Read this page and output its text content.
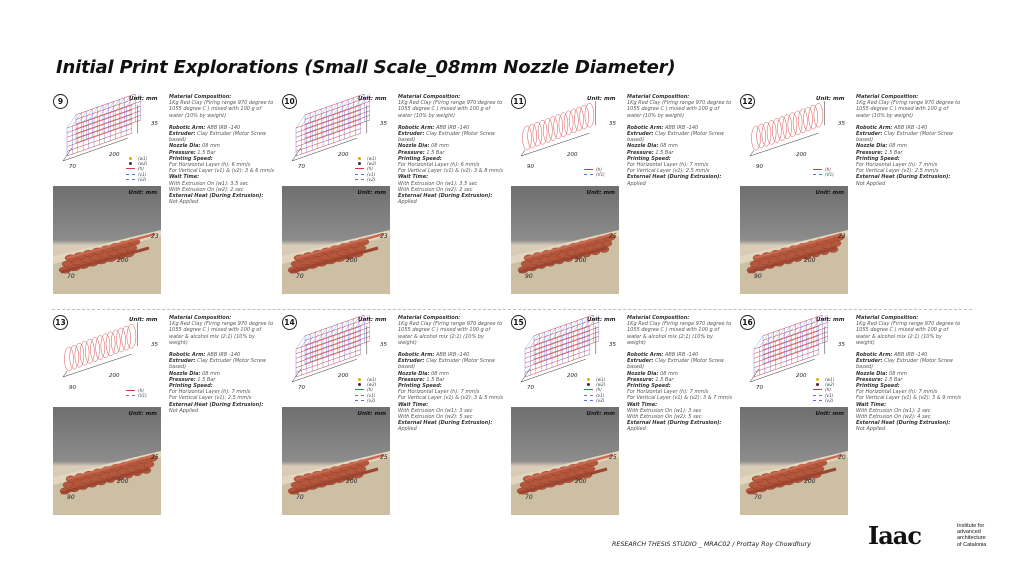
Initial Print Explorations (Small Scale_08mm Nozzle Diameter)
70
200
35
9	Unit: mm
(w1)
(w2)
(h)
(v1)
(v2)
70
200
23
Unit: mm
Material Composition:
1Kg Red Clay (Firing range 970 degree to 1055 degree C ) mixed with 100 g of water (10% by weight)
Robotic Arm: ABB IRB -140
Extruder: Clay Extruder (Motor Screw based)
Nozzle Dia: 08 mm
Pressure: 1.5 Bar
Printing Speed:
For Horizontal Layer (h): 6 mm/s
For Vertical Layer (v1) & (v2): 3 & 6 mm/s
Wait Time:
With Extrusion On (w1): 3.5 sec
With Extrusion On (w2): 2 sec
External Heat (During Extrusion):
Not Applied
70
200
35
10	Unit: mm
(w1)
(w2)
(h)
(v1)
(v2)
70
200
23
Unit: mm
Material Composition:
1Kg Red Clay (Firing range 970 degree to 1055 degree C ) mixed with 100 g of water (10% by weight)
Robotic Arm: ABB IRB -140
Extruder: Clay Extruder (Motor Screw based)
Nozzle Dia: 08 mm
Pressure: 1.5 Bar
Printing Speed:
For Horizontal Layer (h): 6 mm/s
For Vertical Layer (v1) & (v2): 3 & 8 mm/s
Wait Time:
With Extrusion On (w1): 3.5 sec
With Extrusion On (w2): 2 sec
External Heat (During Extrusion):
Applied
90
200
35
11	Unit: mm
(h)
(V1)
90
200
25
Unit: mm
Material Composition:
1Kg Red Clay (Firing range 970 degree to 1055 degree C ) mixed with 100 g of water (10% by weight)
Robotic Arm: ABB IRB -140
Extruder: Clay Extruder (Motor Screw based)
Nozzle Dia: 08 mm
Pressure: 1.5 Bar
Printing Speed:
For Horizontal Layer (h): 7 mm/s
For Vertical Layer (v1): 2.5 mm/s
External Heat (During Extrusion):
Applied
90
200
35
12	Unit: mm
(h)
(V1)
90
200
23
Unit: mm
Material Composition:
1Kg Red Clay (Firing range 970 degree to 1055 degree C ) mixed with 100 g of water (10% by weight)
Robotic Arm: ABB IRB -140
Extruder: Clay Extruder (Motor Screw based)
Nozzle Dia: 08 mm
Pressure: 1.5 Bar
Printing Speed:
For Horizontal Layer (h): 7 mm/s
For Vertical Layer (v1): 2.5 mm/s
External Heat (During Extrusion):
Not Applied
90
200
35
13	Unit: mm
(h)
(V1)
90
200
25
Unit: mm
Material Composition:
1Kg Red Clay (Firing range 970 degree to 1055 degree C ) mixed with 100 g of water & alcohol mix (2:1) (10% by weight)
Robotic Arm: ABB IRB -140
Extruder: Clay Extruder (Motor Screw based)
Nozzle Dia: 08 mm
Pressure: 1.5 Bar
Printing Speed:
For Horizontal Layer (h): 7 mm/s
For Vertical Layer (v1): 2.5 mm/s
External Heat (During Extrusion):
Not Applied
70
200
35
14	Unit: mm
(w1)
(w2)
(h)
(v1)
(v2)
70
200
25
Unit: mm
Material Composition:
1Kg Red Clay (Firing range 970 degree to 1055 degree C ) mixed with 100 g of water & alcohol mix (2:1) (10% by weight)
Robotic Arm: ABB IRB -140
Extruder: Clay Extruder (Motor Screw based)
Nozzle Dia: 08 mm
Pressure: 1.5 Bar
Printing Speed:
For Horizontal Layer (h): 7 mm/s
For Vertical Layer (v1) & (v2): 3 & 5 mm/s
Wait Time:
With Extrusion On (w1): 3 sec
With Extrusion On (w2): 5 sec
External Heat (During Extrusion):
Applied
70
200
35
15	Unit: mm
(w1)
(w2)
(h)
(v1)
(v2)
70
200
25
Unit: mm
Material Composition:
1Kg Red Clay (Firing range 970 degree to 1055 degree C ) mixed with 100 g of water & alcohol mix (2:1) (10% by weight)
Robotic Arm: ABB IRB -140
Extruder: Clay Extruder (Motor Screw based)
Nozzle Dia: 08 mm
Pressure: 1.5 Bar
Printing Speed:
For Horizontal Layer (h): 7 mm/s
For Vertical Layer (v1) & (v2): 3 & 7 mm/s
Wait Time:
With Extrusion On (w1): 3 sec
With Extrusion On (w2): 5 sec
External Heat (During Extrusion):
Applied
70
200
35
16	Unit: mm
(w1)
(w2)
(h)
(v1)
(v2)
70
200
20
Unit: mm
Material Composition:
1Kg Red Clay (Firing range 970 degree to 1055 degree C ) mixed with 100 g of water & alcohol mix (2:1) (10% by weight)
Robotic Arm: ABB IRB -140
Extruder: Clay Extruder (Motor Screw based)
Nozzle Dia: 08 mm
Pressure: 1.5 Bar
Printing Speed:
For Horizontal Layer (h): 7 mm/s
For Vertical Layer (v1) & (v2): 3 & 9 mm/s
Wait Time:
With Extrusion On (w1): 2 sec
With Extrusion On (w2): 4 sec
External Heat (During Extrusion):
Not Applied
RESEARCH THESIS STUDIO _ MRAC02 / Prottay Roy Chowdhury Iaac	Institute for
advanced
architecture
of Catalonia
